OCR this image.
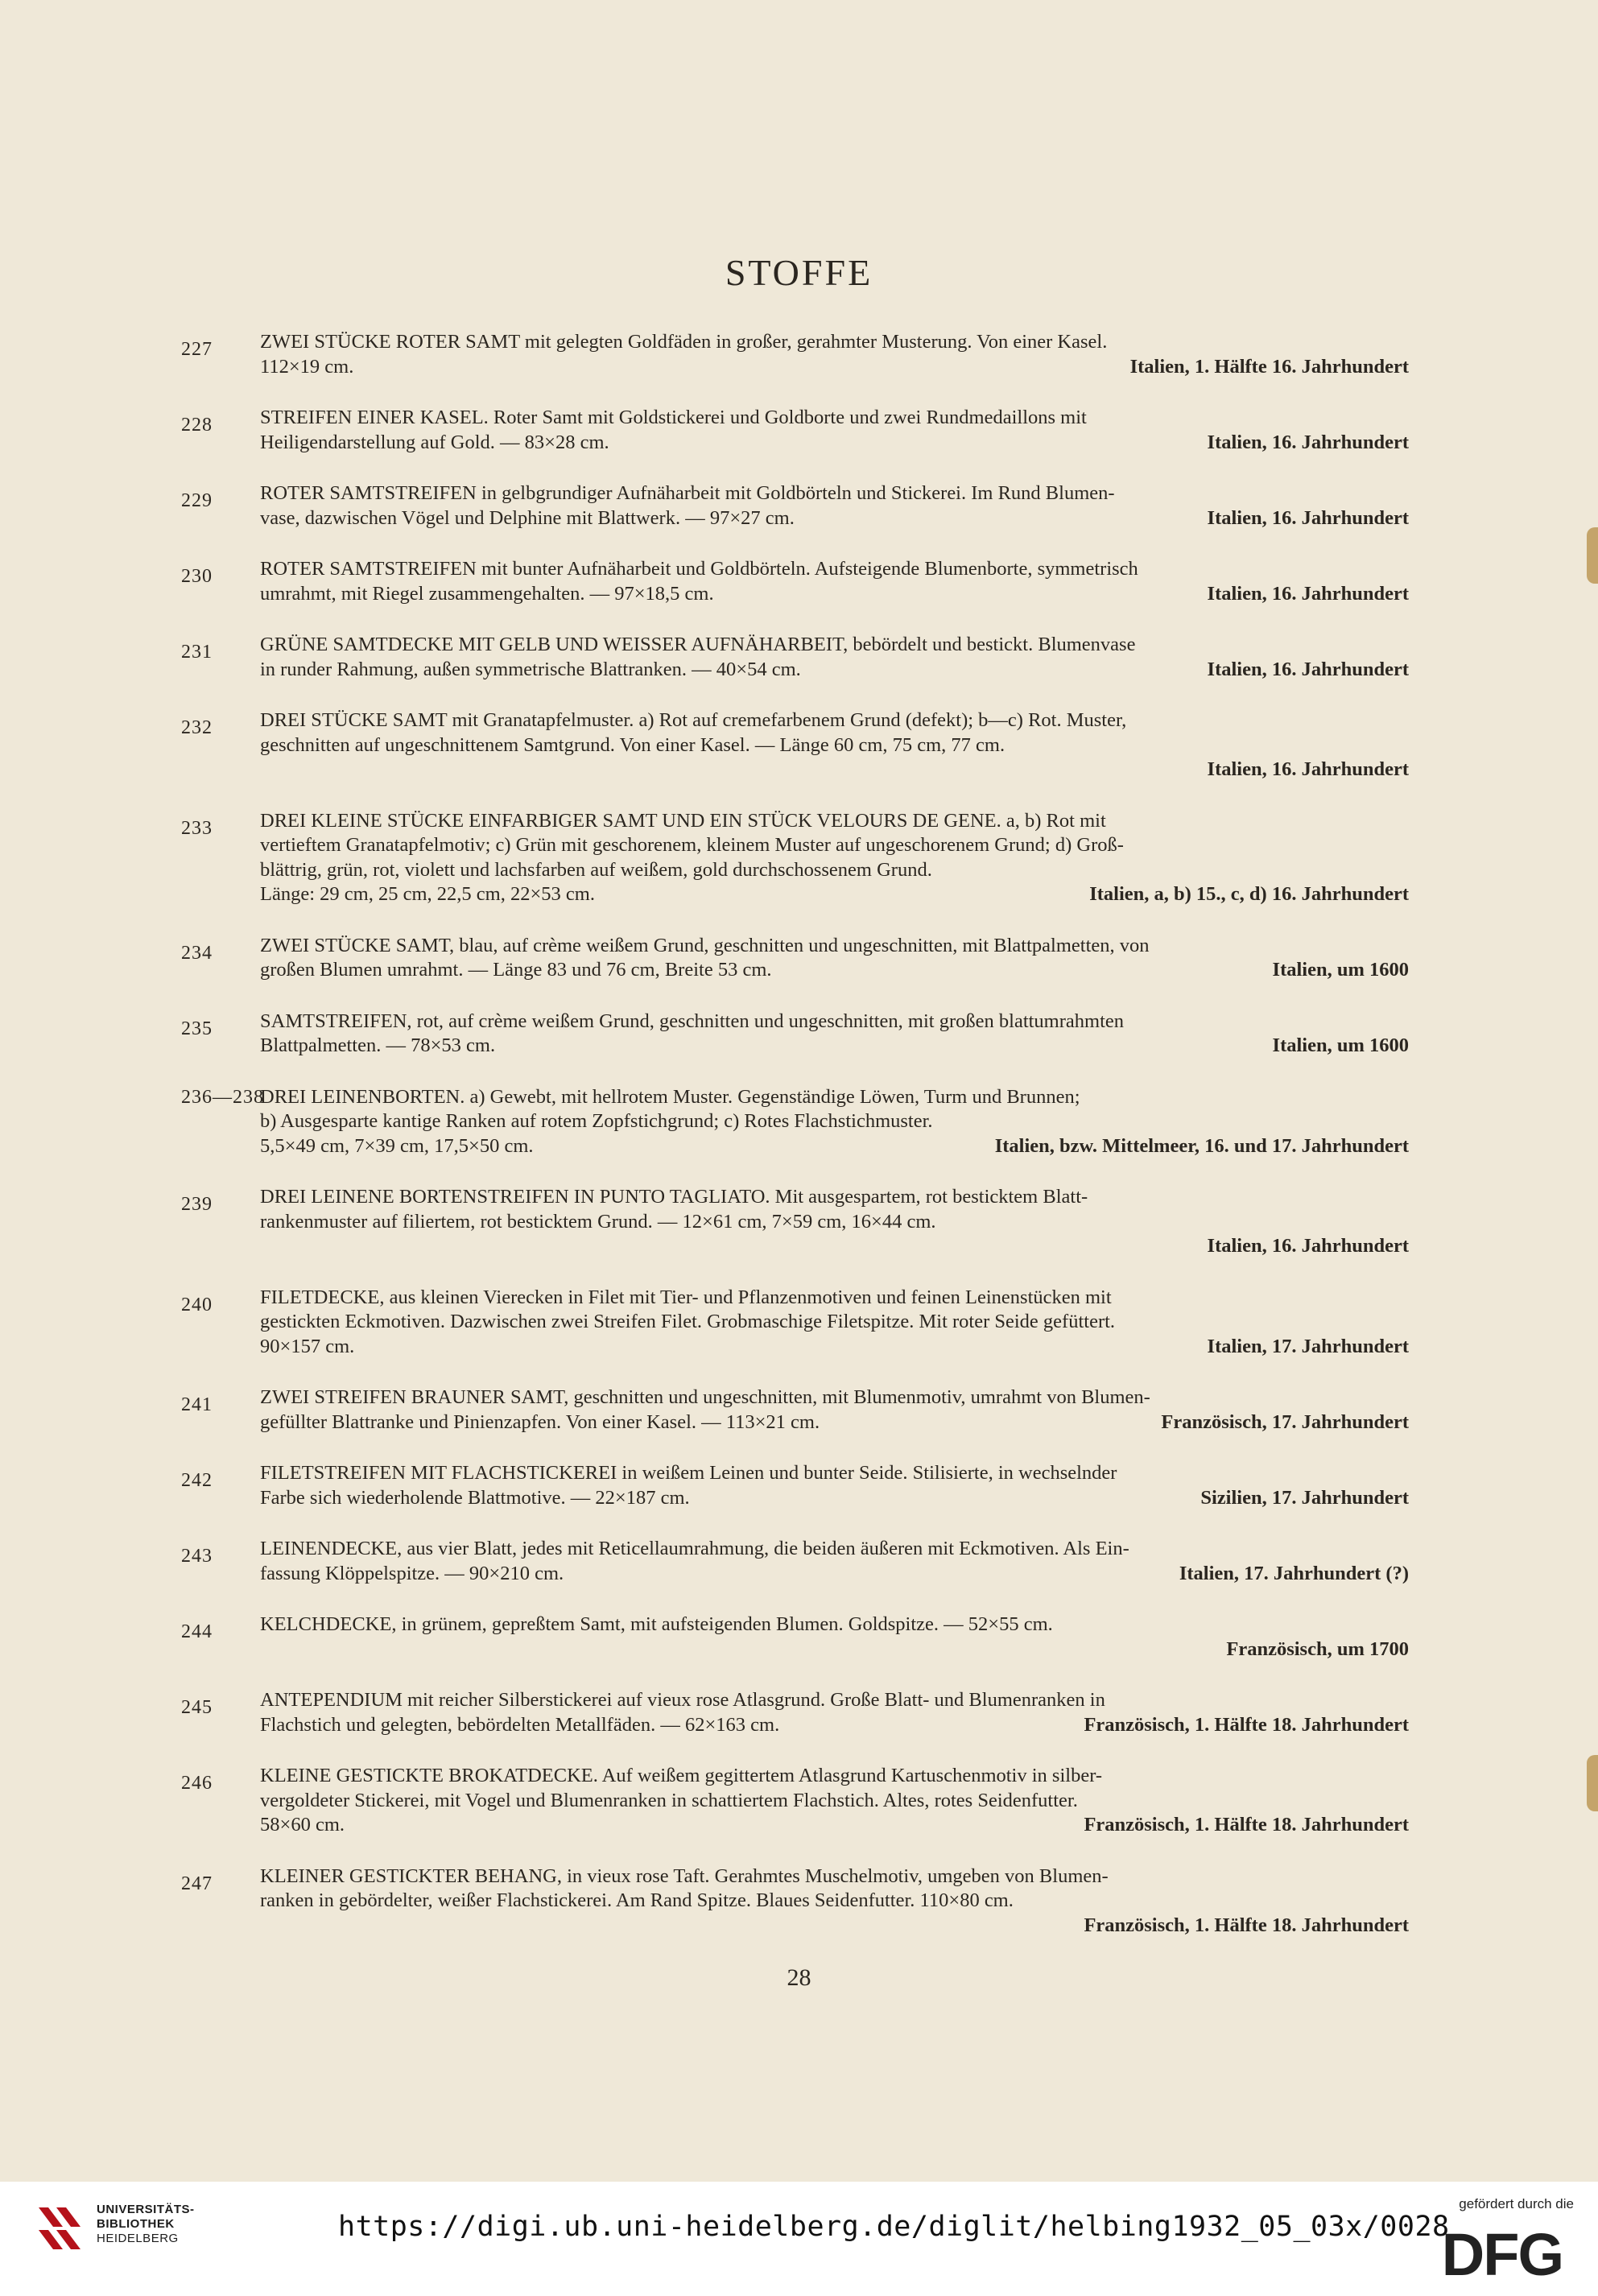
STOFFE
227 ZWEI STÜCKE ROTER SAMT mit gelegten Goldfäden in großer, gerahmter Musterung. Von einer Kasel.
Italien, 1. Hälfte 16. Jahrhundert
112×19 cm.
228 STREIFEN EINER KASEL. Roter Samt mit Goldstickerei und Goldborte und zwei Rundmedaillons mit
Italien, 16. Jahrhundert
Heiligendarstellung auf Gold. — 83×28 cm.
229 ROTER SAMTSTREIFEN in gelbgrundiger Aufnäharbeit mit Goldbörteln und Stickerei. Im Rund Blumen-
Italien, 16. Jahrhundert
vase, dazwischen Vögel und Delphine mit Blattwerk. — 97×27 cm.
230 ROTER SAMTSTREIFEN mit bunter Aufnäharbeit und Goldbörteln. Aufsteigende Blumenborte, symmetrisch
Italien, 16. Jahrhundert
umrahmt, mit Riegel zusammengehalten. — 97×18,5 cm.
231 GRÜNE SAMTDECKE MIT GELB UND WEISSER AUFNÄHARBEIT, bebördelt und bestickt. Blumenvase
Italien, 16. Jahrhundert
in runder Rahmung, außen symmetrische Blattranken. — 40×54 cm.
232 DREI STÜCKE SAMT mit Granatapfelmuster. a) Rot auf cremefarbenem Grund (defekt); b—c) Rot. Muster,
geschnitten auf ungeschnittenem Samtgrund. Von einer Kasel. — Länge 60 cm, 75 cm, 77 cm.
Italien, 16. Jahrhundert
233 DREI KLEINE STÜCKE EINFARBIGER SAMT UND EIN STÜCK VELOURS DE GENE. a, b) Rot mit
vertieftem Granatapfelmotiv; c) Grün mit geschorenem, kleinem Muster auf ungeschorenem Grund; d) Groß-
blättrig, grün, rot, violett und lachsfarben auf weißem, gold durchschossenem Grund.
Italien, a, b) 15., c, d) 16. Jahrhundert
Länge: 29 cm, 25 cm, 22,5 cm, 22×53 cm.
234 ZWEI STÜCKE SAMT, blau, auf crème weißem Grund, geschnitten und ungeschnitten, mit Blattpalmetten, von
Italien, um 1600
großen Blumen umrahmt. — Länge 83 und 76 cm, Breite 53 cm.
235 SAMTSTREIFEN, rot, auf crème weißem Grund, geschnitten und ungeschnitten, mit großen blattumrahmten
Italien, um 1600
Blattpalmetten. — 78×53 cm.
236—238
DREI LEINENBORTEN. a) Gewebt, mit hellrotem Muster. Gegenständige Löwen, Turm und Brunnen;
b) Ausgesparte kantige Ranken auf rotem Zopfstichgrund; c) Rotes Flachstichmuster.
Italien, bzw. Mittelmeer, 16. und 17. Jahrhundert
5,5×49 cm, 7×39 cm, 17,5×50 cm.
239 DREI LEINENE BORTENSTREIFEN IN PUNTO TAGLIATO. Mit ausgespartem, rot besticktem Blatt-
rankenmuster auf filiertem, rot besticktem Grund. — 12×61 cm, 7×59 cm, 16×44 cm.
Italien, 16. Jahrhundert
240 FILETDECKE, aus kleinen Vierecken in Filet mit Tier- und Pflanzenmotiven und feinen Leinenstücken mit
gestickten Eckmotiven. Dazwischen zwei Streifen Filet. Grobmaschige Filetspitze. Mit roter Seide gefüttert.
Italien, 17. Jahrhundert
90×157 cm.
241 ZWEI STREIFEN BRAUNER SAMT, geschnitten und ungeschnitten, mit Blumenmotiv, umrahmt von Blumen-
Französisch, 17. Jahrhundert
gefüllter Blattranke und Pinienzapfen. Von einer Kasel. — 113×21 cm.
242 FILETSTREIFEN MIT FLACHSTICKEREI in weißem Leinen und bunter Seide. Stilisierte, in wechselnder
Sizilien, 17. Jahrhundert
Farbe sich wiederholende Blattmotive. — 22×187 cm.
243 LEINENDECKE, aus vier Blatt, jedes mit Reticellaumrahmung, die beiden äußeren mit Eckmotiven. Als Ein-
Italien, 17. Jahrhundert (?)
fassung Klöppelspitze. — 90×210 cm.
244 KELCHDECKE, in grünem, gepreßtem Samt, mit aufsteigenden Blumen. Goldspitze. — 52×55 cm.
Französisch, um 1700
245 ANTEPENDIUM mit reicher Silberstickerei auf vieux rose Atlasgrund. Große Blatt- und Blumenranken in
Französisch, 1. Hälfte 18. Jahrhundert
Flachstich und gelegten, bebördelten Metallfäden. — 62×163 cm.
246 KLEINE GESTICKTE BROKATDECKE. Auf weißem gegittertem Atlasgrund Kartuschenmotiv in silber-
vergoldeter Stickerei, mit Vogel und Blumenranken in schattiertem Flachstich. Altes, rotes Seidenfutter.
Französisch, 1. Hälfte 18. Jahrhundert
58×60 cm.
247 KLEINER GESTICKTER BEHANG, in vieux rose Taft. Gerahmtes Muschelmotiv, umgeben von Blumen-
ranken in gebördelter, weißer Flachstickerei. Am Rand Spitze. Blaues Seidenfutter. 110×80 cm.
Französisch, 1. Hälfte 18. Jahrhundert
28
UNIVERSITÄTS-
BIBLIOTHEK
HEIDELBERG	https://digi.ub.uni-heidelberg.de/diglit/helbing1932_05_03x/0028
gefördert durch die
DFG
